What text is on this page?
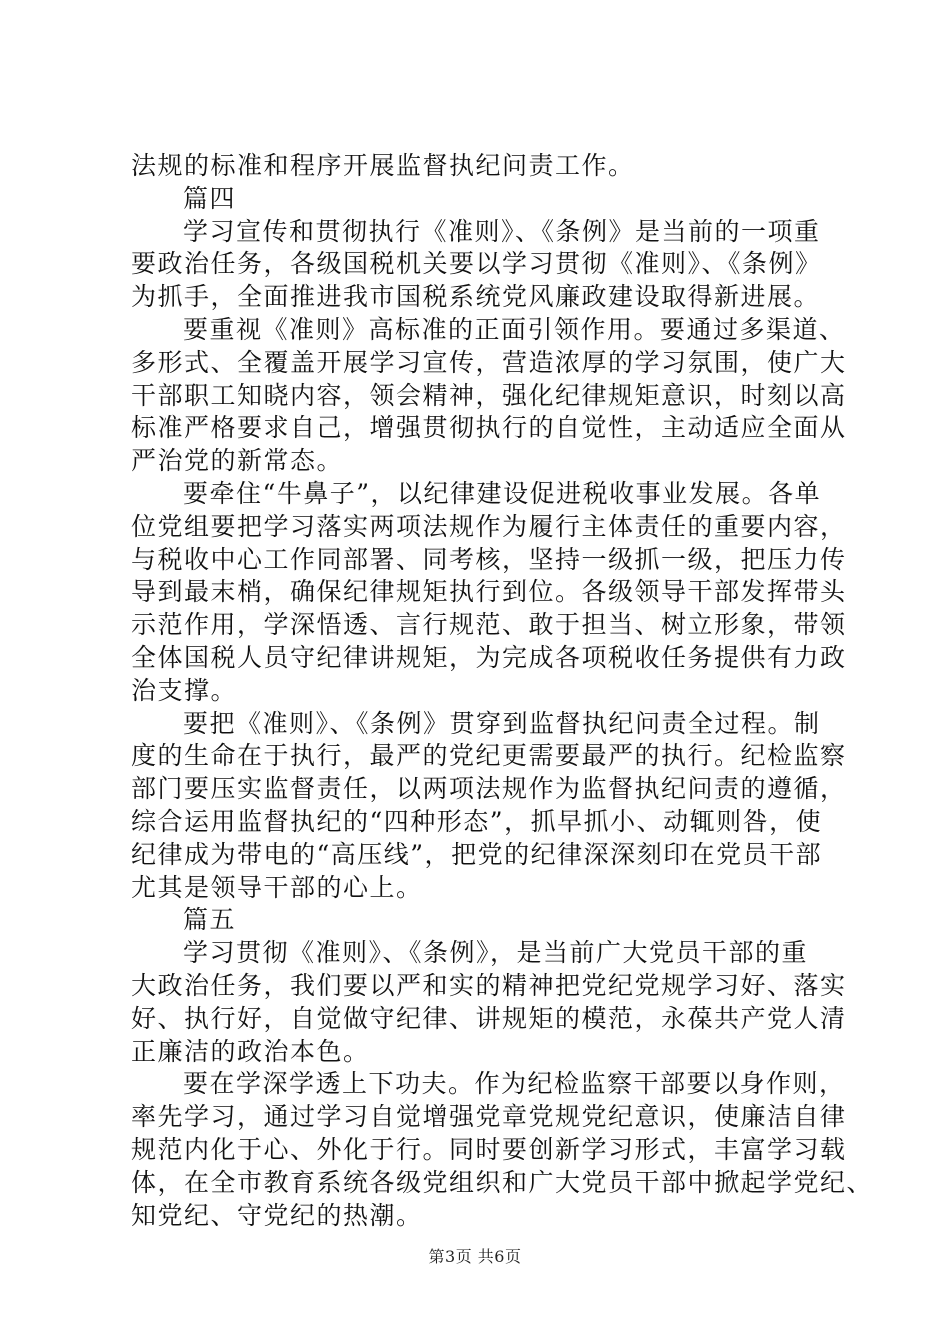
法规的标准和程序开展监督执纪问责工作。
篇四
学习宣传和贯彻执行《准则》、《条例》是当前的一项重
要政治任务，各级国税机关要以学习贯彻《准则》、《条例》
为抓手，全面推进我市国税系统党风廉政建设取得新进展。
要重视《准则》高标准的正面引领作用。要通过多渠道、
多形式、全覆盖开展学习宣传，营造浓厚的学习氛围，使广大
干部职工知晓内容，领会精神，强化纪律规矩意识，时刻以高
标准严格要求自己，增强贯彻执行的自觉性，主动适应全面从
严治党的新常态。
要牵住“牛鼻子”，以纪律建设促进税收事业发展。各单
位党组要把学习落实两项法规作为履行主体责任的重要内容，
与税收中心工作同部署、同考核，坚持一级抓一级，把压力传
导到最末梢，确保纪律规矩执行到位。各级领导干部发挥带头
示范作用，学深悟透、言行规范、敢于担当、树立形象，带领
全体国税人员守纪律讲规矩，为完成各项税收任务提供有力政
治支撑。
要把《准则》、《条例》贯穿到监督执纪问责全过程。制
度的生命在于执行，最严的党纪更需要最严的执行。纪检监察
部门要压实监督责任，以两项法规作为监督执纪问责的遵循，
综合运用监督执纪的“四种形态”，抓早抓小、动辄则咎，使
纪律成为带电的“高压线”，把党的纪律深深刻印在党员干部
尤其是领导干部的心上。
篇五
学习贯彻《准则》、《条例》，是当前广大党员干部的重
大政治任务，我们要以严和实的精神把党纪党规学习好、落实
好、执行好，自觉做守纪律、讲规矩的模范，永葆共产党人清
正廉洁的政治本色。
要在学深学透上下功夫。作为纪检监察干部要以身作则，
率先学习，通过学习自觉增强党章党规党纪意识，使廉洁自律
规范内化于心、外化于行。同时要创新学习形式，丰富学习载
体，在全市教育系统各级党组织和广大党员干部中掀起学党纪、
知党纪、守党纪的热潮。
第3页 共6页
